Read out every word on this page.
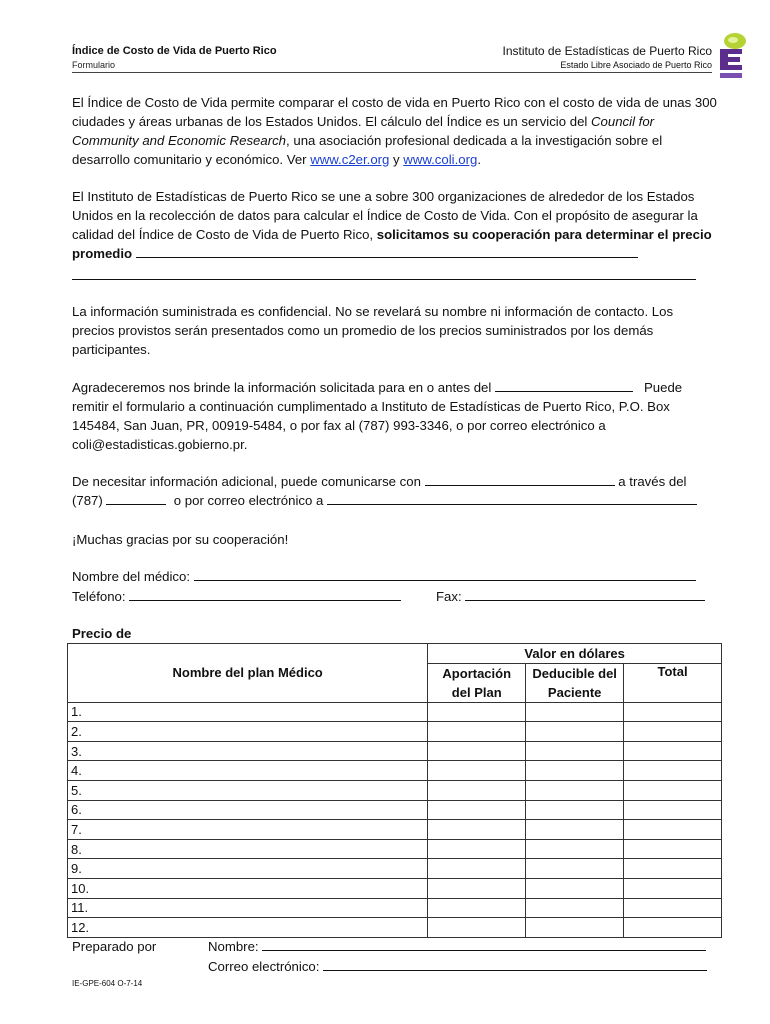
Índice de Costo de Vida de Puerto Rico
Formulario
Instituto de Estadísticas de Puerto Rico
Estado Libre Asociado de Puerto Rico
El Índice de Costo de Vida permite comparar el costo de vida en Puerto Rico con el costo de vida de unas 300 ciudades y áreas urbanas de los Estados Unidos. El cálculo del Índice es un servicio del Council for Community and Economic Research, una asociación profesional dedicada a la investigación sobre el desarrollo comunitario y económico. Ver www.c2er.org y www.coli.org.
El Instituto de Estadísticas de Puerto Rico se une a sobre 300 organizaciones de alrededor de los Estados Unidos en la recolección de datos para calcular el Índice de Costo de Vida. Con el propósito de asegurar la calidad del Índice de Costo de Vida de Puerto Rico, solicitamos su cooperación para determinar el precio promedio
La información suministrada es confidencial. No se revelará su nombre ni información de contacto. Los precios provistos serán presentados como un promedio de los precios suministrados por los demás participantes.
Agradeceremos nos brinde la información solicitada para en o antes del	Puede remitir el formulario a continuación cumplimentado a Instituto de Estadísticas de Puerto Rico, P.O. Box 145484, San Juan, PR, 00919-5484, o por fax al (787) 993-3346, o por correo electrónico a coli@estadisticas.gobierno.pr.
De necesitar información adicional, puede comunicarse con	a través del
(787)	o por correo electrónico a
¡Muchas gracias por su cooperación!
Nombre del médico:
Teléfono:	Fax:
Precio de
Nombre del plan Médico	Valor en dólares		
	Aportación del Plan	Deducible del Paciente	Total
1.			
2.			
3.			
4.			
5.			
6.			
7.			
8.			
9.			
10.			
11.			
12.			
Preparado por	Nombre:
Correo electrónico:
IE-GPE-604 O-7-14
